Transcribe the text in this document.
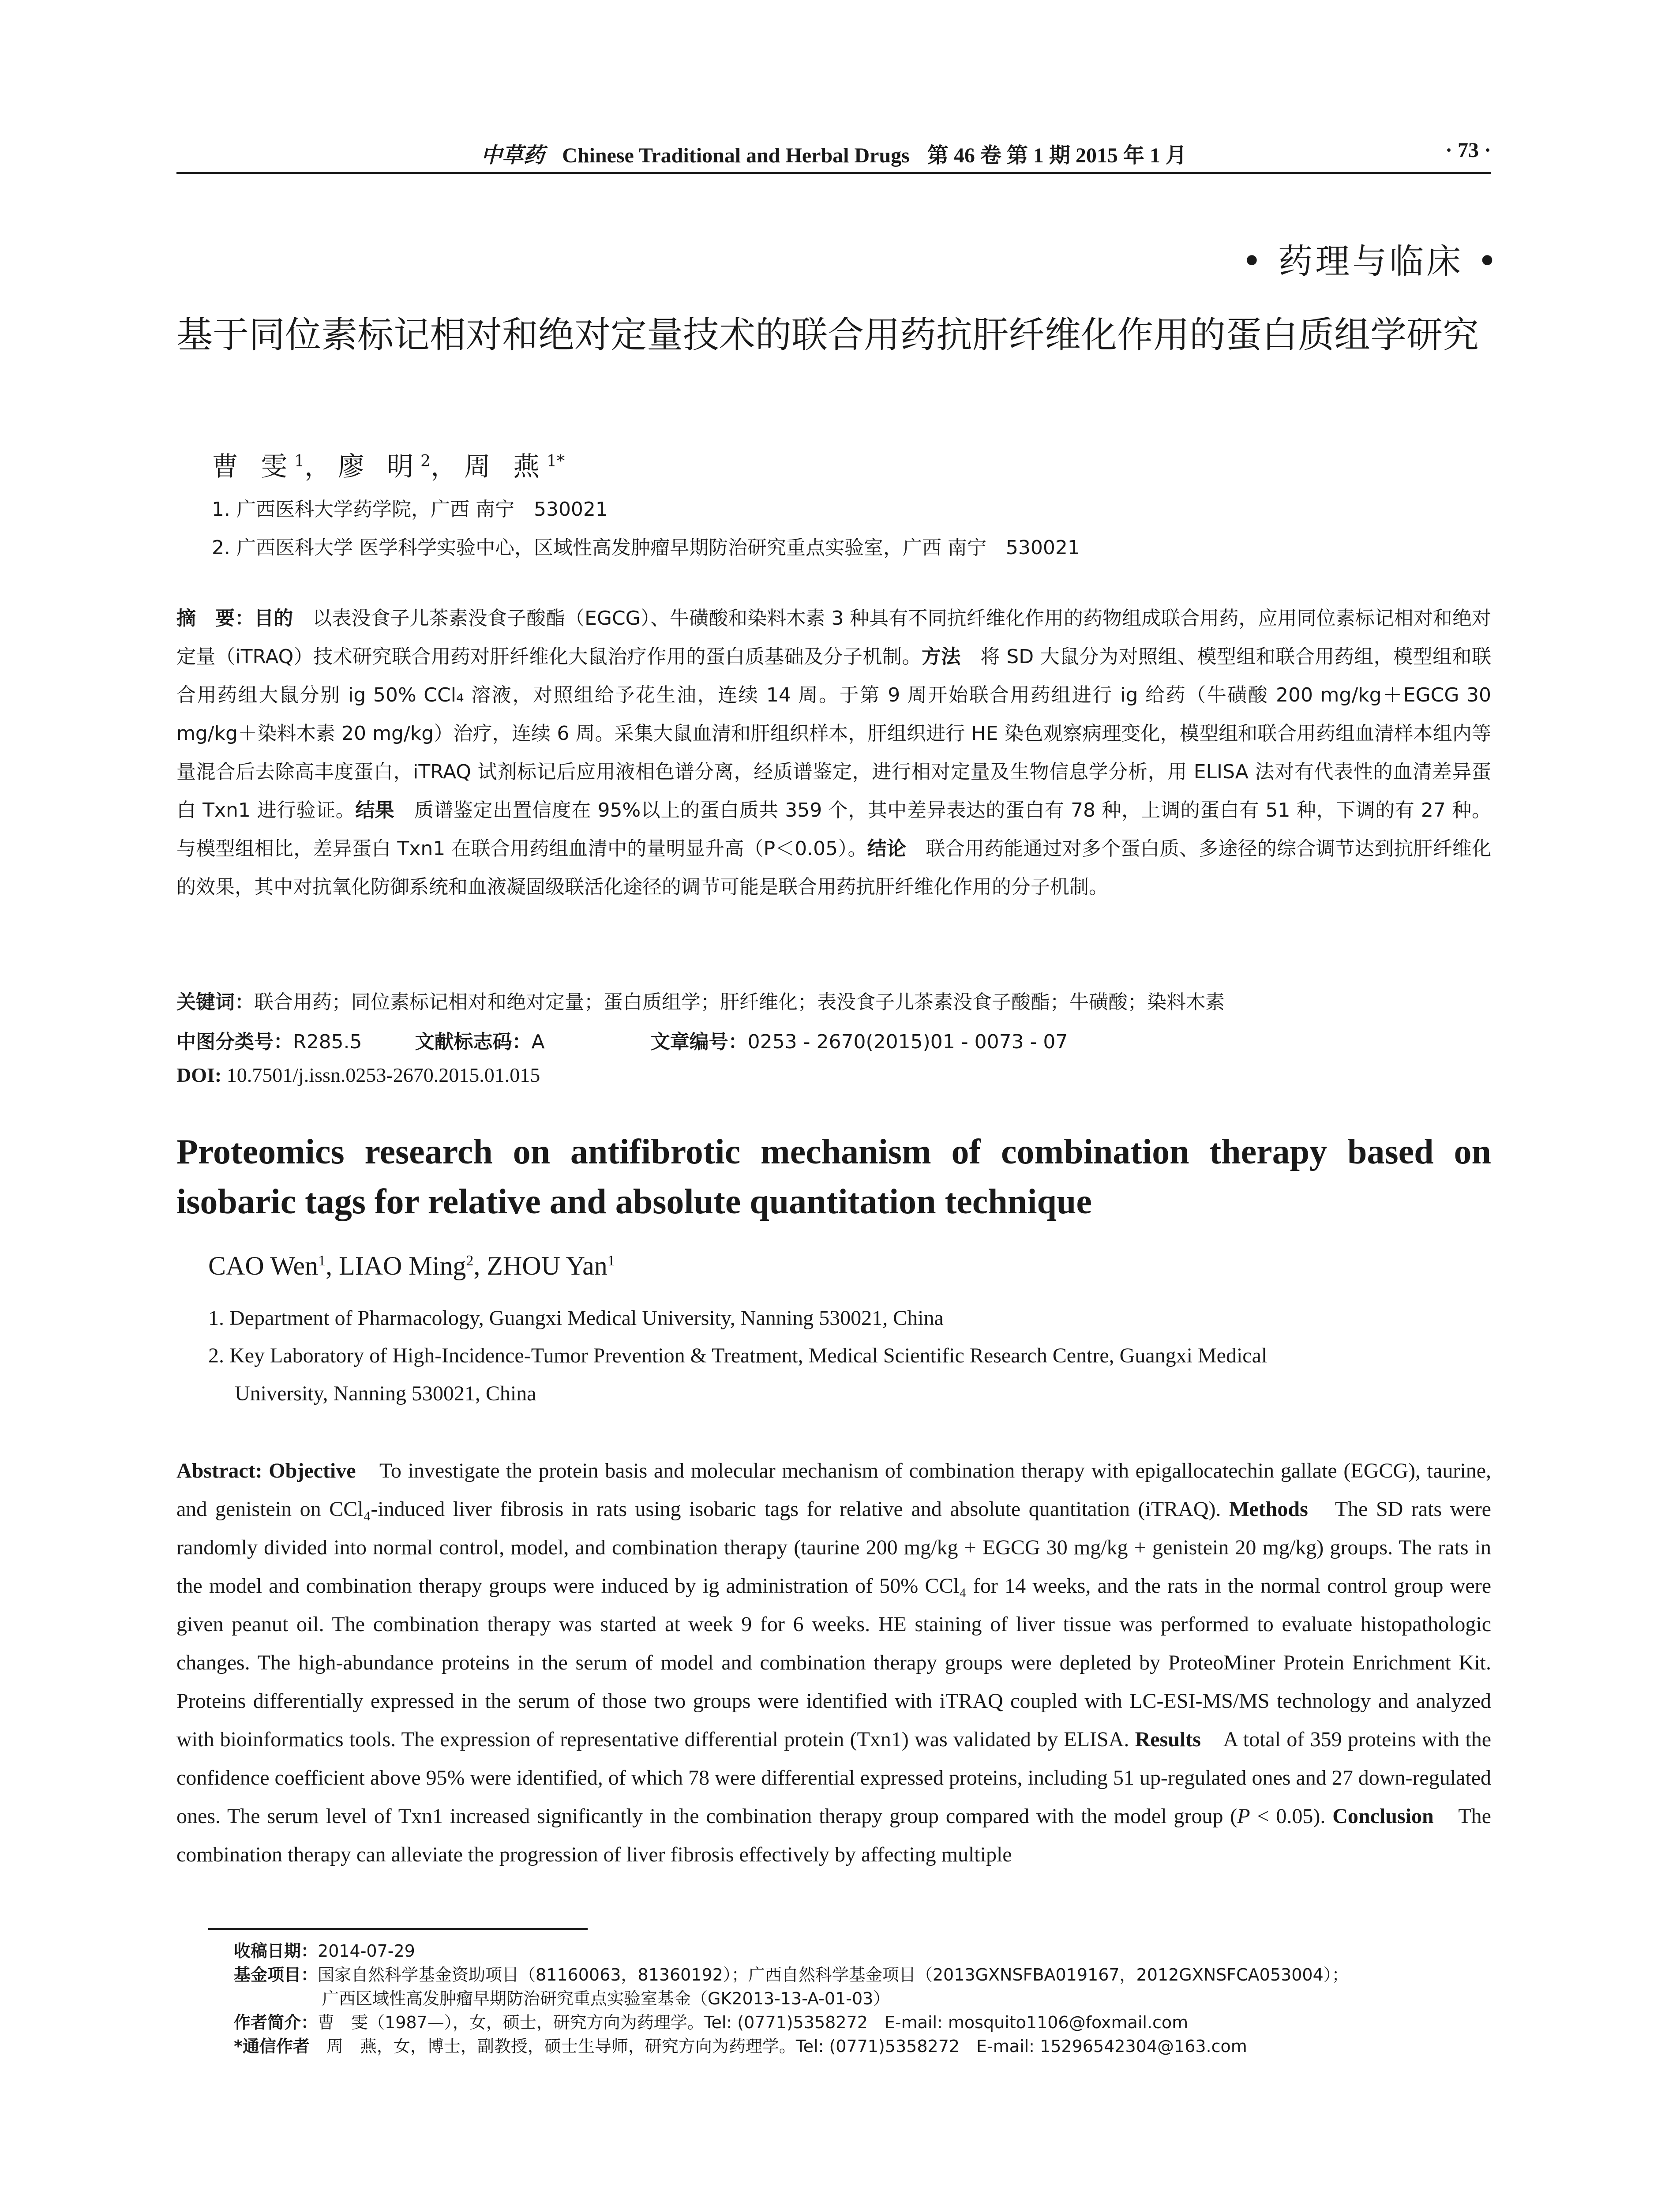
中草药 Chinese Traditional and Herbal Drugs 第 46 卷 第 1 期 2015 年 1 月	· 73 ·
• 药理与临床 •
基于同位素标记相对和绝对定量技术的联合用药抗肝纤维化作用的蛋白质组学研究
曹 雯$^1$，廖 明$^2$，周 燕$^{1*}$
1. 广西医科大学药学院，广西 南宁　530021
2. 广西医科大学 医学科学实验中心，区域性高发肿瘤早期防治研究重点实验室，广西 南宁　530021
摘　要：目的　以表没食子儿茶素没食子酸酯（EGCG）、牛磺酸和染料木素 3 种具有不同抗纤维化作用的药物组成联合用药，应用同位素标记相对和绝对定量（iTRAQ）技术研究联合用药对肝纤维化大鼠治疗作用的蛋白质基础及分子机制。方法　将 SD 大鼠分为对照组、模型组和联合用药组，模型组和联合用药组大鼠分别 ig 50% CCl₄ 溶液，对照组给予花生油，连续 14 周。于第 9 周开始联合用药组进行 ig 给药（牛磺酸 200 mg/kg＋EGCG 30 mg/kg＋染料木素 20 mg/kg）治疗，连续 6 周。采集大鼠血清和肝组织样本，肝组织进行 HE 染色观察病理变化，模型组和联合用药组血清样本组内等量混合后去除高丰度蛋白，iTRAQ 试剂标记后应用液相色谱分离，经质谱鉴定，进行相对定量及生物信息学分析，用 ELISA 法对有代表性的血清差异蛋白 Txn1 进行验证。结果　质谱鉴定出置信度在 95%以上的蛋白质共 359 个，其中差异表达的蛋白有 78 种，上调的蛋白有 51 种，下调的有 27 种。与模型组相比，差异蛋白 Txn1 在联合用药组血清中的量明显升高（P＜0.05）。结论　联合用药能通过对多个蛋白质、多途径的综合调节达到抗肝纤维化的效果，其中对抗氧化防御系统和血液凝固级联活化途径的调节可能是联合用药抗肝纤维化作用的分子机制。
关键词：联合用药；同位素标记相对和绝对定量；蛋白质组学；肝纤维化；表没食子儿茶素没食子酸酯；牛磺酸；染料木素
中图分类号：R285.5	文献标志码：A	文章编号：0253 - 2670(2015)01 - 0073 - 07
DOI: 10.7501/j.issn.0253-2670.2015.01.015
Proteomics research on antifibrotic mechanism of combination therapy based on isobaric tags for relative and absolute quantitation technique
CAO Wen$^1$, LIAO Ming$^2$, ZHOU Yan$^1$
1. Department of Pharmacology, Guangxi Medical University, Nanning 530021, China
2. Key Laboratory of High-Incidence-Tumor Prevention & Treatment, Medical Scientific Research Centre, Guangxi Medical
University, Nanning 530021, China
Abstract: Objective　To investigate the protein basis and molecular mechanism of combination therapy with epigallocatechin gallate (EGCG), taurine, and genistein on CCl₄-induced liver fibrosis in rats using isobaric tags for relative and absolute quantitation (iTRAQ). Methods　The SD rats were randomly divided into normal control, model, and combination therapy (taurine 200 mg/kg + EGCG 30 mg/kg + genistein 20 mg/kg) groups. The rats in the model and combination therapy groups were induced by ig administration of 50% CCl₄ for 14 weeks, and the rats in the normal control group were given peanut oil. The combination therapy was started at week 9 for 6 weeks. HE staining of liver tissue was performed to evaluate histopathologic changes. The high-abundance proteins in the serum of model and combination therapy groups were depleted by ProteoMiner Protein Enrichment Kit. Proteins differentially expressed in the serum of those two groups were identified with iTRAQ coupled with LC-ESI-MS/MS technology and analyzed with bioinformatics tools. The expression of representative differential protein (Txn1) was validated by ELISA. Results　A total of 359 proteins with the confidence coefficient above 95% were identified, of which 78 were differential expressed proteins, including 51 up-regulated ones and 27 down-regulated ones. The serum level of Txn1 increased significantly in the combination therapy group compared with the model group (P < 0.05). Conclusion　The combination therapy can alleviate the progression of liver fibrosis effectively by affecting multiple
收稿日期：2014-07-29
基金项目：国家自然科学基金资助项目（81160063，81360192）；广西自然科学基金项目（2013GXNSFBA019167，2012GXNSFCA053004）；
广西区域性高发肿瘤早期防治研究重点实验室基金（GK2013-13-A-01-03）
作者简介：曹　雯（1987—），女，硕士，研究方向为药理学。Tel: (0771)5358272　E-mail: mosquito1106@foxmail.com
*通信作者　周　燕，女，博士，副教授，硕士生导师，研究方向为药理学。Tel: (0771)5358272　E-mail: 15296542304@163.com
